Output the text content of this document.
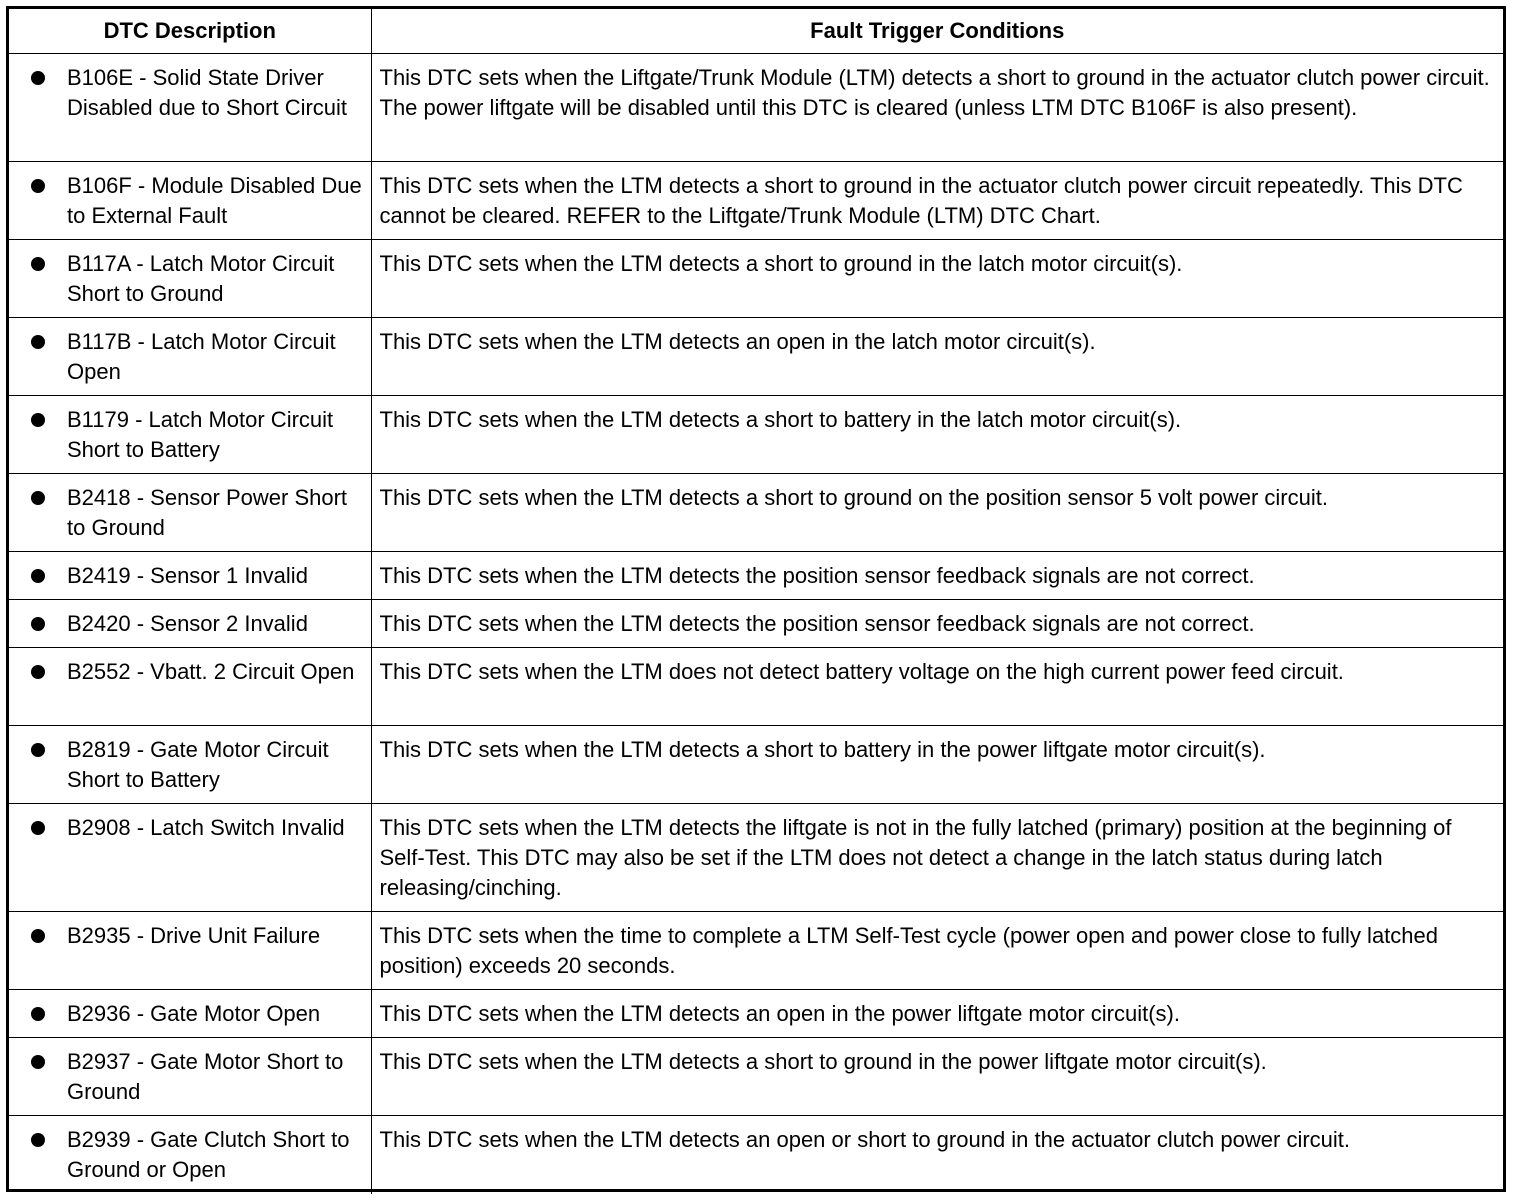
DTC Description	Fault Trigger Conditions

B106E - Solid State Driver Disabled due to Short Circuit	This DTC sets when the Liftgate/Trunk Module (LTM) detects a short to ground in the actuator clutch power circuit. The power liftgate will be disabled until this DTC is cleared (unless LTM DTC B106F is also present).

B106F - Module Disabled Due to External Fault	This DTC sets when the LTM detects a short to ground in the actuator clutch power circuit repeatedly. This DTC cannot be cleared. REFER to the Liftgate/Trunk Module (LTM) DTC Chart.

B117A - Latch Motor Circuit Short to Ground	This DTC sets when the LTM detects a short to ground in the latch motor circuit(s).

B117B - Latch Motor Circuit Open	This DTC sets when the LTM detects an open in the latch motor circuit(s).

B1179 - Latch Motor Circuit Short to Battery	This DTC sets when the LTM detects a short to battery in the latch motor circuit(s).

B2418 - Sensor Power Short to Ground	This DTC sets when the LTM detects a short to ground on the position sensor 5 volt power circuit.

B2419 - Sensor 1 Invalid	This DTC sets when the LTM detects the position sensor feedback signals are not correct.

B2420 - Sensor 2 Invalid	This DTC sets when the LTM detects the position sensor feedback signals are not correct.

B2552 - Vbatt. 2 Circuit Open	This DTC sets when the LTM does not detect battery voltage on the high current power feed circuit.

B2819 - Gate Motor Circuit Short to Battery	This DTC sets when the LTM detects a short to battery in the power liftgate motor circuit(s).

B2908 - Latch Switch Invalid	This DTC sets when the LTM detects the liftgate is not in the fully latched (primary) position at the beginning of Self-Test. This DTC may also be set if the LTM does not detect a change in the latch status during latch releasing/cinching.

B2935 - Drive Unit Failure	This DTC sets when the time to complete a LTM Self-Test cycle (power open and power close to fully latched position) exceeds 20 seconds.

B2936 - Gate Motor Open	This DTC sets when the LTM detects an open in the power liftgate motor circuit(s).

B2937 - Gate Motor Short to Ground	This DTC sets when the LTM detects a short to ground in the power liftgate motor circuit(s).

B2939 - Gate Clutch Short to Ground or Open	This DTC sets when the LTM detects an open or short to ground in the actuator clutch power circuit.
